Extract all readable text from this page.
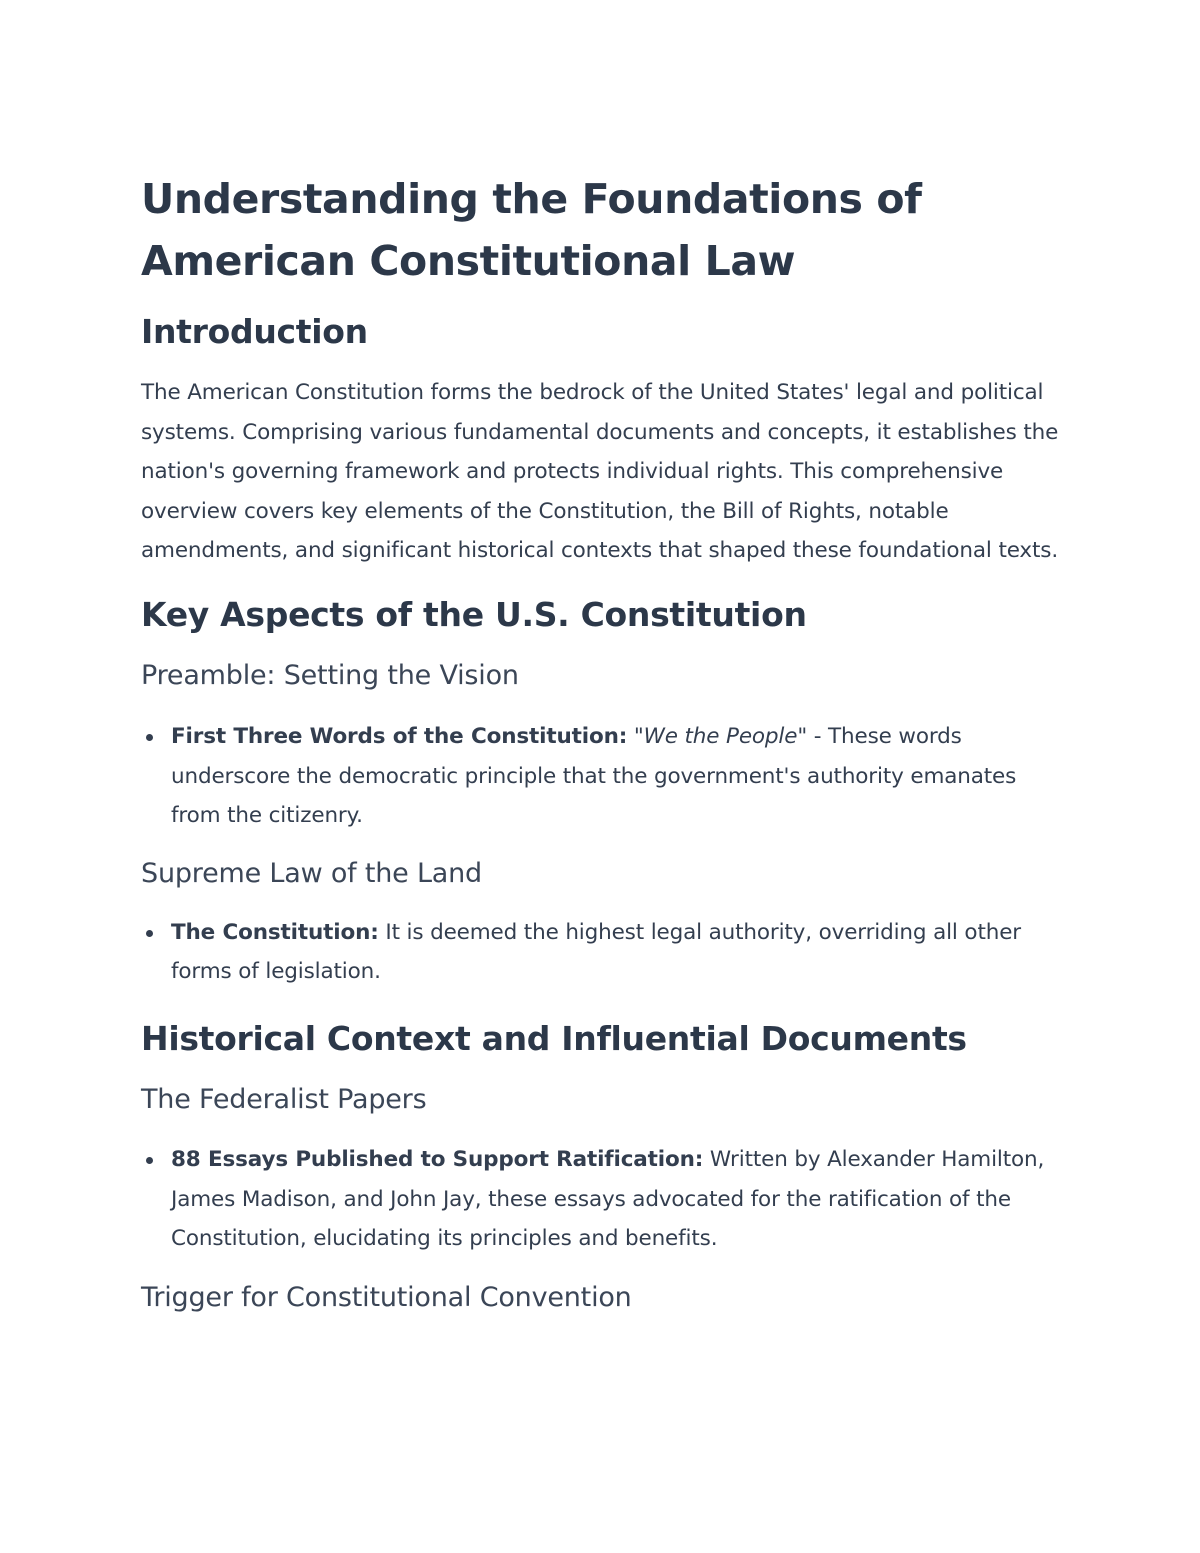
Understanding the Foundations of American Constitutional Law
Introduction

The American Constitution forms the bedrock of the United States' legal and political systems. Comprising various fundamental documents and concepts, it establishes the nation's governing framework and protects individual rights. This comprehensive overview covers key elements of the Constitution, the Bill of Rights, notable amendments, and significant historical contexts that shaped these foundational texts.

Key Aspects of the U.S. Constitution
Preamble: Setting the Vision
First Three Words of the Constitution: "We the People" - These words underscore the democratic principle that the government's authority emanates from the citizenry.
Supreme Law of the Land
The Constitution: It is deemed the highest legal authority, overriding all other forms of legislation.
Historical Context and Influential Documents
The Federalist Papers
88 Essays Published to Support Ratification: Written by Alexander Hamilton, James Madison, and John Jay, these essays advocated for the ratification of the Constitution, elucidating its principles and benefits.
Trigger for Constitutional Convention
